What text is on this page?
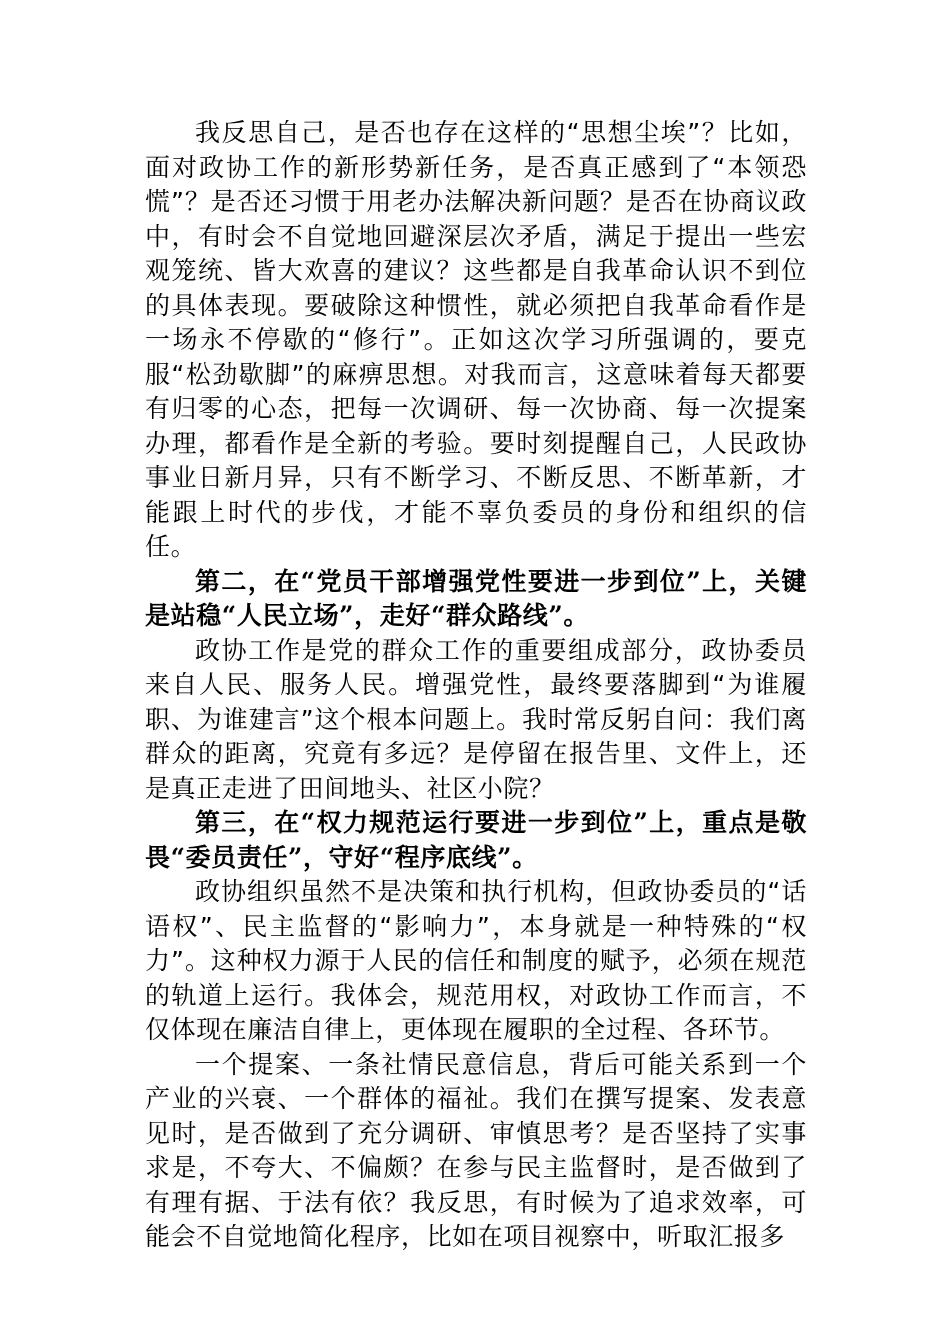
我反思自己，是否也存在这样的“思想尘埃”？比如，面对政协工作的新形势新任务，是否真正感到了“本领恐慌”？是否还习惯于用老办法解决新问题？是否在协商议政中，有时会不自觉地回避深层次矛盾，满足于提出一些宏观笼统、皆大欢喜的建议？这些都是自我革命认识不到位的具体表现。要破除这种惯性，就必须把自我革命看作是一场永不停歇的“修行”。正如这次学习所强调的，要克服“松劲歇脚”的麻痹思想。对我而言，这意味着每天都要有归零的心态，把每一次调研、每一次协商、每一次提案办理，都看作是全新的考验。要时刻提醒自己，人民政协事业日新月异，只有不断学习、不断反思、不断革新，才能跟上时代的步伐，才能不辜负委员的身份和组织的信任。

第二，在“党员干部增强党性要进一步到位”上，关键是站稳“人民立场”，走好“群众路线”。

政协工作是党的群众工作的重要组成部分，政协委员来自人民、服务人民。增强党性，最终要落脚到“为谁履职、为谁建言”这个根本问题上。我时常反躬自问：我们离群众的距离，究竟有多远？是停留在报告里、文件上，还是真正走进了田间地头、社区小院？

第三，在“权力规范运行要进一步到位”上，重点是敬畏“委员责任”，守好“程序底线”。

政协组织虽然不是决策和执行机构，但政协委员的“话语权”、民主监督的“影响力”，本身就是一种特殊的“权力”。这种权力源于人民的信任和制度的赋予，必须在规范的轨道上运行。我体会，规范用权，对政协工作而言，不仅体现在廉洁自律上，更体现在履职的全过程、各环节。

一个提案、一条社情民意信息，背后可能关系到一个产业的兴衰、一个群体的福祉。我们在撰写提案、发表意见时，是否做到了充分调研、审慎思考？是否坚持了实事求是，不夸大、不偏颇？在参与民主监督时，是否做到了有理有据、于法有依？我反思，有时候为了追求效率，可能会不自觉地简化程序，比如在项目视察中，听取汇报多
